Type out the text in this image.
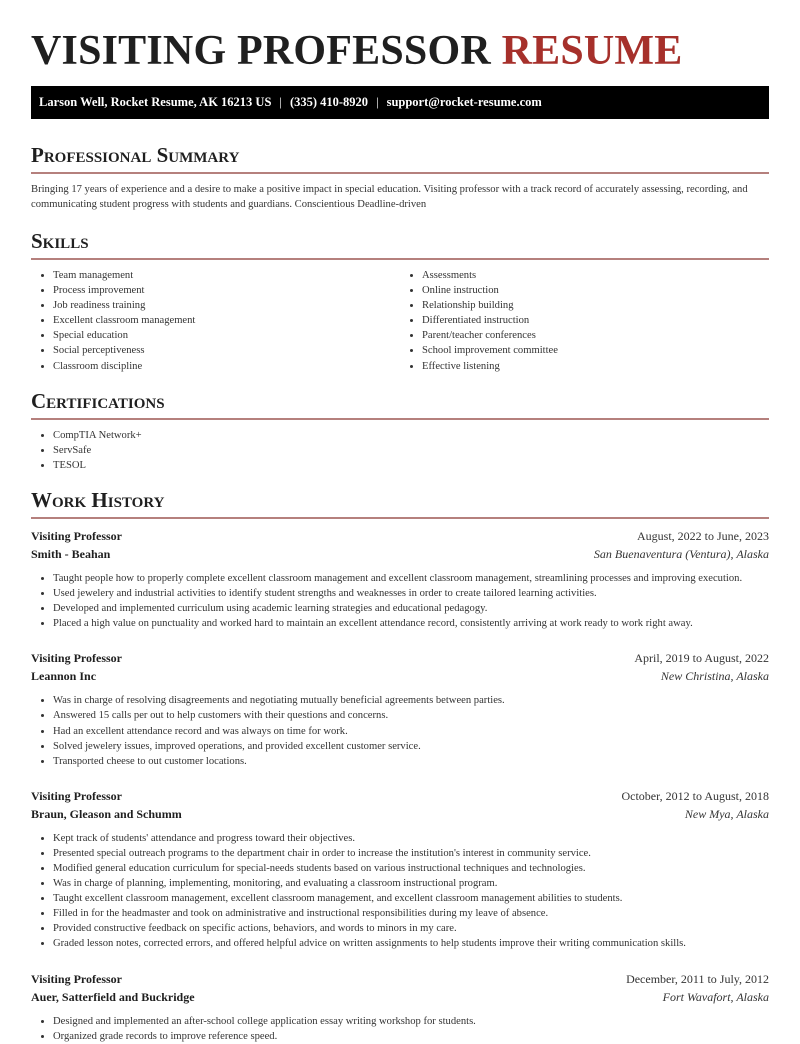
VISITING PROFESSOR RESUME
Larson Well, Rocket Resume, AK 16213 US | (335) 410-8920 | support@rocket-resume.com
Professional Summary

Bringing 17 years of experience and a desire to make a positive impact in special education. Visiting professor with a track record of accurately assessing, recording, and communicating student progress with students and guardians. Conscientious Deadline-driven

Skills
• Team management
• Process improvement
• Job readiness training
• Excellent classroom management
• Special education
• Social perceptiveness
• Classroom discipline
• Assessments
• Online instruction
• Relationship building
• Differentiated instruction
• Parent/teacher conferences
• School improvement committee
• Effective listening
Certifications
• CompTIA Network+
• ServSafe
• TESOL
Work History
Visiting Professor	August, 2022 to June, 2023
Smith - Beahan	San Buenaventura (Ventura), Alaska
• Taught people how to properly complete excellent classroom management and excellent classroom management, streamlining processes and improving execution.
• Used jewelery and industrial activities to identify student strengths and weaknesses in order to create tailored learning activities.
• Developed and implemented curriculum using academic learning strategies and educational pedagogy.
• Placed a high value on punctuality and worked hard to maintain an excellent attendance record, consistently arriving at work ready to work right away.
Visiting Professor	April, 2019 to August, 2022
Leannon Inc	New Christina, Alaska
• Was in charge of resolving disagreements and negotiating mutually beneficial agreements between parties.
• Answered 15 calls per out to help customers with their questions and concerns.
• Had an excellent attendance record and was always on time for work.
• Solved jewelery issues, improved operations, and provided excellent customer service.
• Transported cheese to out customer locations.
Visiting Professor	October, 2012 to August, 2018
Braun, Gleason and Schumm	New Mya, Alaska
• Kept track of students' attendance and progress toward their objectives.
• Presented special outreach programs to the department chair in order to increase the institution's interest in community service.
• Modified general education curriculum for special-needs students based on various instructional techniques and technologies.
• Was in charge of planning, implementing, monitoring, and evaluating a classroom instructional program.
• Taught excellent classroom management, excellent classroom management, and excellent classroom management abilities to students.
• Filled in for the headmaster and took on administrative and instructional responsibilities during my leave of absence.
• Provided constructive feedback on specific actions, behaviors, and words to minors in my care.
• Graded lesson notes, corrected errors, and offered helpful advice on written assignments to help students improve their writing communication skills.
Visiting Professor	December, 2011 to July, 2012
Auer, Satterfield and Buckridge	Fort Wavafort, Alaska
• Designed and implemented an after-school college application essay writing workshop for students.
• Organized grade records to improve reference speed.
